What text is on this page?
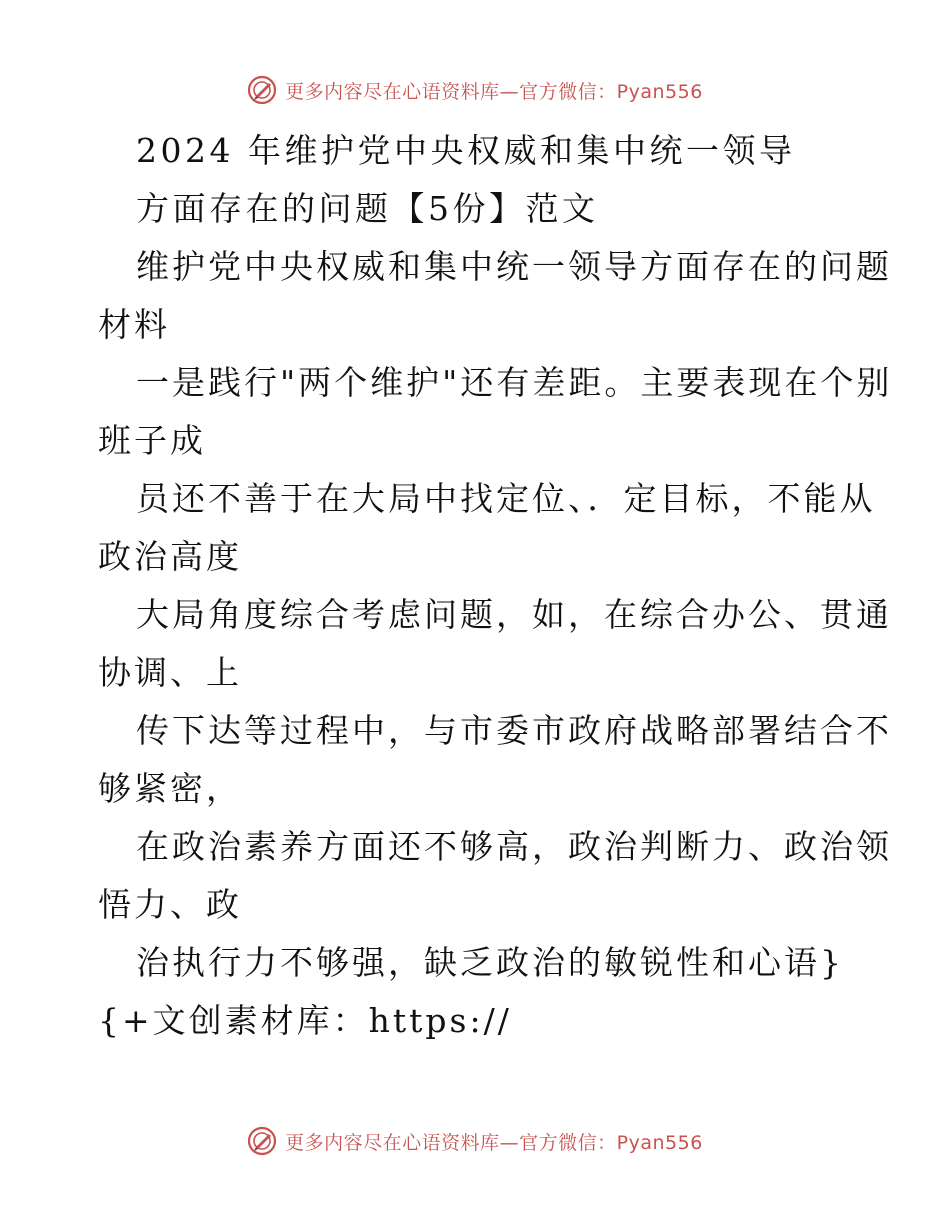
更多内容尽在心语资料库—官方微信：Pyan556
2024 年维护党中央权威和集中统一领导
方面存在的问题【5份】范文
维护党中央权威和集中统一领导方面存在的问题
材料
一是践行"两个维护"还有差距。主要表现在个别
班子成
员还不善于在大局中找定位、．定目标，不能从
政治高度
大局角度综合考虑问题，如，在综合办公、贯通
协调、上
传下达等过程中，与市委市政府战略部署结合不
够紧密，
在政治素养方面还不够高，政治判断力、政治领
悟力、政
治执行力不够强，缺乏政治的敏锐性和心语}
{+文创素材库：https://
更多内容尽在心语资料库—官方微信：Pyan556
